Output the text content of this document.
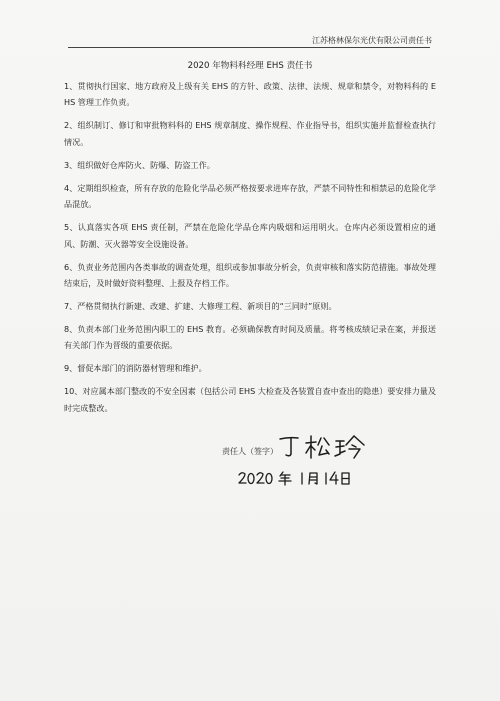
江苏格林保尔光伏有限公司责任书
2020 年物料科经理 EHS 责任书
1、贯彻执行国家、地方政府及上级有关 EHS 的方针、政策、法律、法规、规章和禁令，对物料科的 EHS 管理工作负责。
2、组织制订、修订和审批物料科的 EHS 规章制度、操作规程、作业指导书，组织实施并监督检查执行情况。
3、组织做好仓库防火、防爆、防盗工作。
4、定期组织检查，所有存放的危险化学品必须严格按要求进库存放，严禁不同特性和相禁忌的危险化学品混放。
5、认真落实各项 EHS 责任制，严禁在危险化学品仓库内吸烟和运用明火。仓库内必须设置相应的通风、防潮、灭火器等安全设施设备。
6、负责业务范围内各类事故的调查处理，组织或参加事故分析会，负责审核和落实防范措施。事故处理结束后，及时做好资料整理、上报及存档工作。
7、严格贯彻执行新建、改建、扩建、大修理工程、新项目的“三同时”原则。
8、负责本部门业务范围内职工的 EHS 教育。必须确保教育时间及质量。将考核成绩记录在案，并报送有关部门作为晋级的重要依据。
9、督促本部门的消防器材管理和维护。
10、对应属本部门整改的不安全因素（包括公司 EHS 大检查及各装置自查中查出的隐患）要安排力量及时完成整改。
责任人（签字）
